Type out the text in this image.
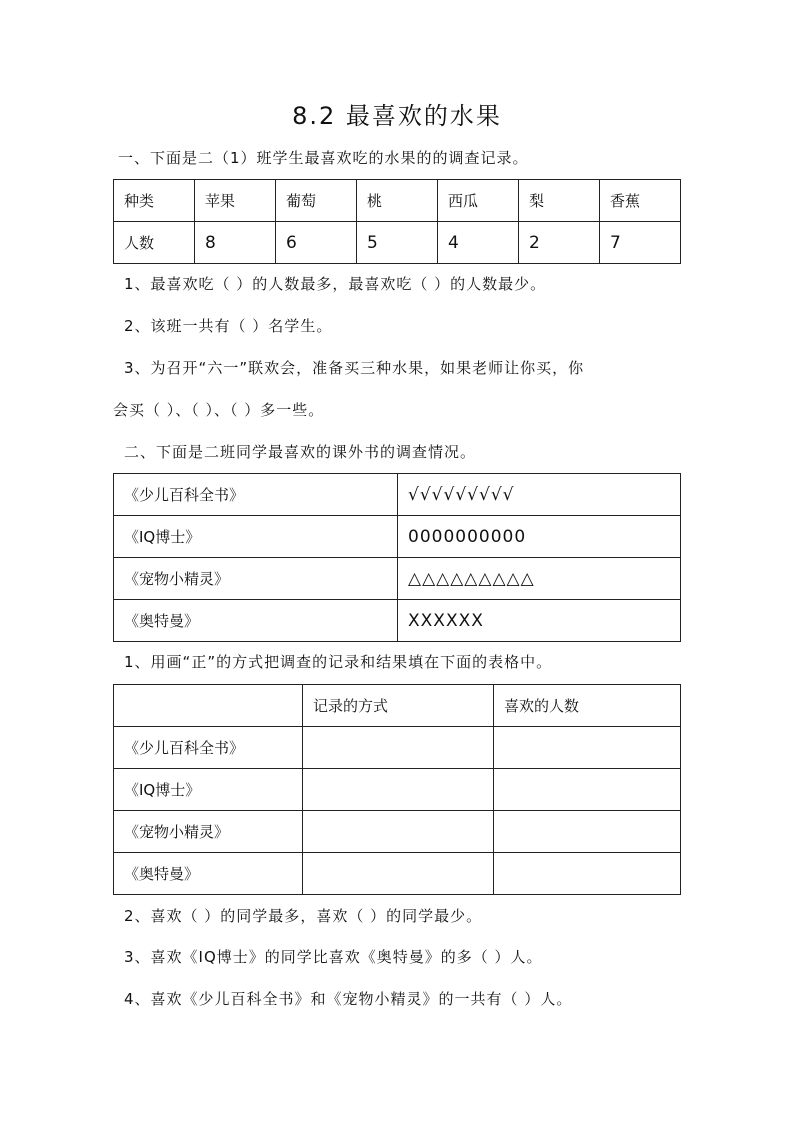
8.2 最喜欢的水果
一、下面是二（1）班学生最喜欢吃的水果的的调查记录。
种类	苹果	葡萄	桃	西瓜	梨	香蕉
人数	8	6	5	4	2	7
1、最喜欢吃（ ）的人数最多，最喜欢吃（ ）的人数最少。
2、该班一共有（ ）名学生。
3、为召开“六一”联欢会，准备买三种水果，如果老师让你买，你
会买（ ）、（ ）、（ ）多一些。
二、下面是二班同学最喜欢的课外书的调查情况。
《少儿百科全书》	√√√√√√√√√
《IQ博士》	0000000000
《宠物小精灵》	△△△△△△△△△
《奥特曼》	XXXXXX
1、用画“正”的方式把调查的记录和结果填在下面的表格中。
	记录的方式	喜欢的人数
《少儿百科全书》		
《IQ博士》		
《宠物小精灵》		
《奥特曼》		
2、喜欢（ ）的同学最多，喜欢（ ）的同学最少。
3、喜欢《IQ博士》的同学比喜欢《奥特曼》的多（ ）人。
4、喜欢《少儿百科全书》和《宠物小精灵》的一共有（ ）人。
